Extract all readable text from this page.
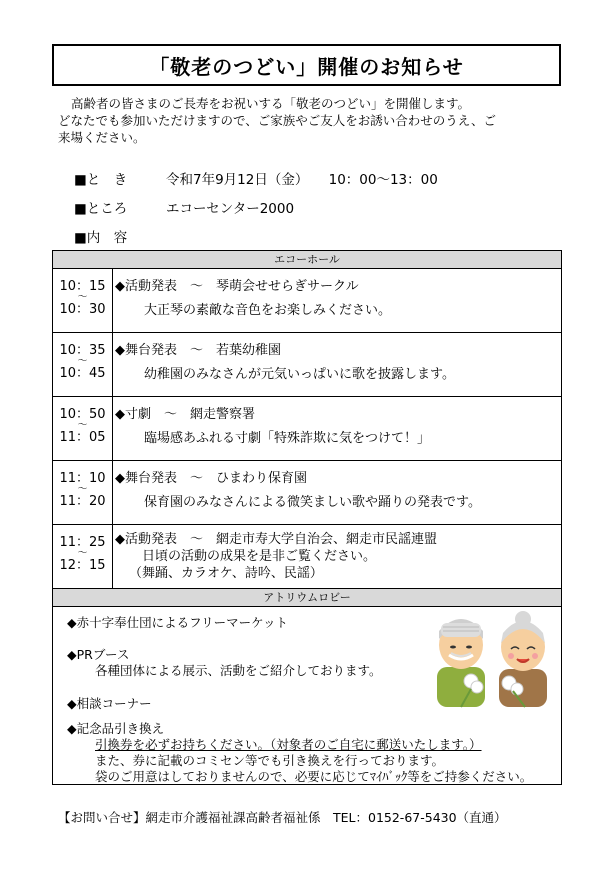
「敬老のつどい」開催のお知らせ
高齢者の皆さまのご長寿をお祝いする「敬老のつどい」を開催します。
どなたでも参加いただけますので、ご家族やご友人をお誘い合わせのうえ、ご
来場ください。
■と　き	令和7年9月12日（金）　　10：00～13：00
■ところ	エコーセンター2000
■内　容
エコーホール
10：15
～
10：30
◆活動発表　～　琴萌会せせらぎサークル
大正琴の素敵な音色をお楽しみください。
10：35
～
10：45
◆舞台発表　～　若葉幼稚園
幼稚園のみなさんが元気いっぱいに歌を披露します。
10：50
～
11：05
◆寸劇　～　網走警察署
臨場感あふれる寸劇「特殊詐欺に気をつけて！」
11：10
～
11：20
◆舞台発表　～　ひまわり保育園
保育園のみなさんによる微笑ましい歌や踊りの発表です。
11：25
～
12：15
◆活動発表　～　網走市寿大学自治会、網走市民謡連盟
日頃の活動の成果を是非ご覧ください。
（舞踊、カラオケ、詩吟、民謡）
アトリウムロビー
◆赤十字奉仕団によるフリーマーケット
◆PRブース
各種団体による展示、活動をご紹介しております。
◆相談コーナー
◆記念品引き換え
引換券を必ずお持ちください。（対象者のご自宅に郵送いたします。）
また、券に記載のコミセン等でも引き換えを行っております。
袋のご用意はしておりませんので、必要に応じてﾏｲﾊﾞｯｸ等をご持参ください。
【お問い合せ】網走市介護福祉課高齢者福祉係　TEL：0152-67-5430（直通）
